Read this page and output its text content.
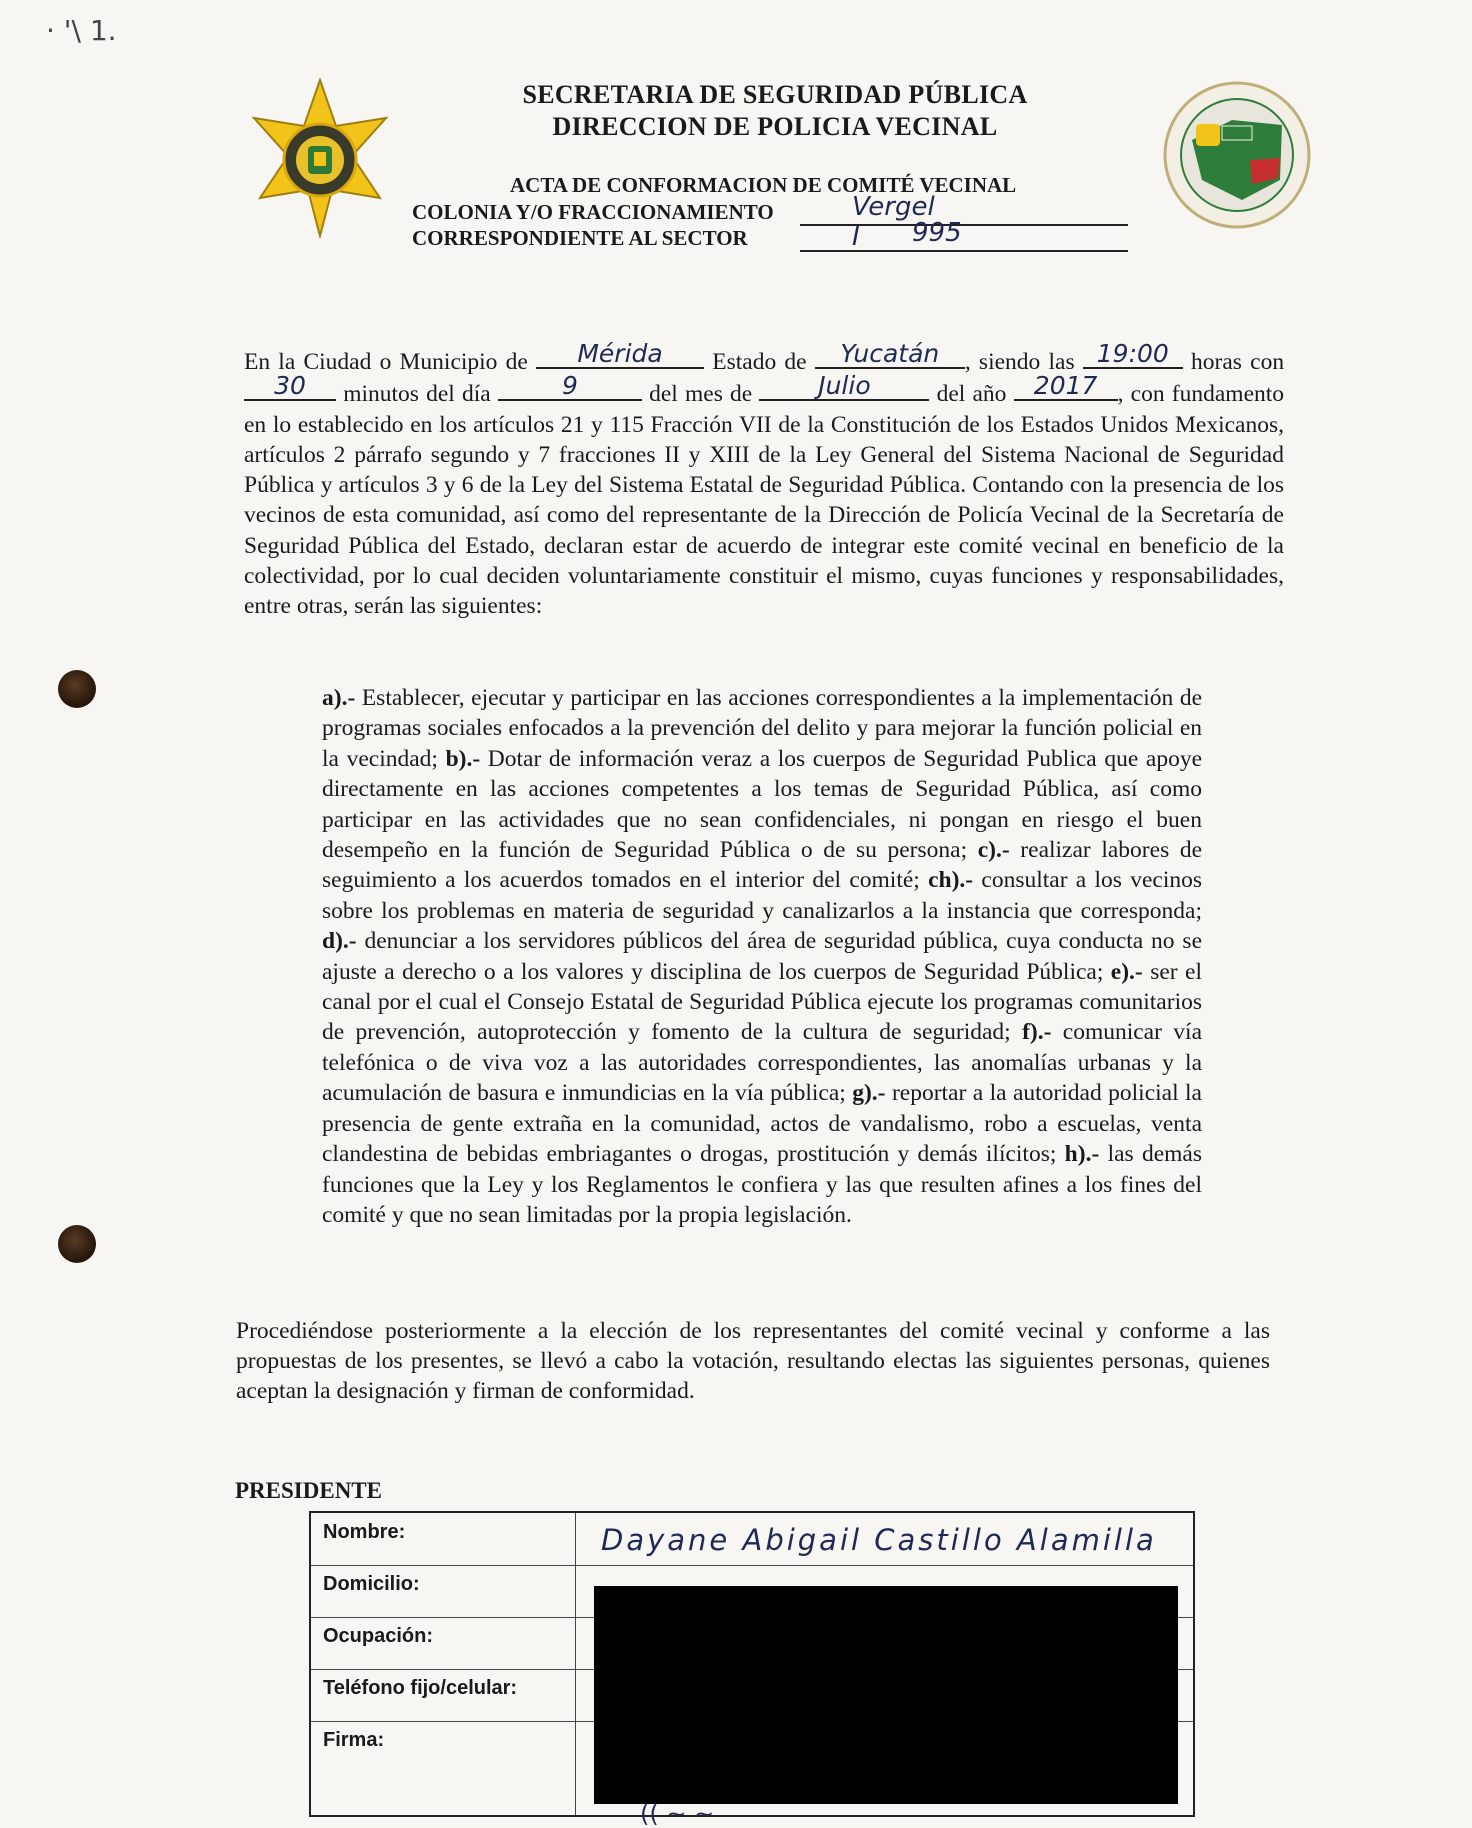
· '\ 1.
SECRETARIA DE SEGURIDAD PÚBLICA
DIRECCION DE POLICIA VECINAL
ACTA DE CONFORMACION DE COMITÉ VECINAL
COLONIA Y/O FRACCIONAMIENTO	Vergel I
CORRESPONDIENTE AL SECTOR	995
En la Ciudad o Municipio de	Mérida	Estado de	Yucatán	, siendo las 19:00 horas con
30	minutos del día	9	del mes de	Julio	del año	2017 , con fundamento en lo establecido en los artículos 21 y 115 Fracción VII de la Constitución de los Estados Unidos Mexicanos, artículos 2 párrafo segundo y 7 fracciones II y XIII de la Ley General del Sistema Nacional de Seguridad Pública y artículos 3 y 6 de la Ley del Sistema Estatal de Seguridad Pública. Contando con la presencia de los vecinos de esta comunidad, así como del representante de la Dirección de Policía Vecinal de la Secretaría de Seguridad Pública del Estado, declaran estar de acuerdo de integrar este comité vecinal en beneficio de la colectividad, por lo cual deciden voluntariamente constituir el mismo, cuyas funciones y responsabilidades, entre otras, serán las siguientes:
a).- Establecer, ejecutar y participar en las acciones correspondientes a la implementación de programas sociales enfocados a la prevención del delito y para mejorar la función policial en la vecindad; b).- Dotar de información veraz a los cuerpos de Seguridad Publica que apoye directamente en las acciones competentes a los temas de Seguridad Pública, así como participar en las actividades que no sean confidenciales, ni pongan en riesgo el buen desempeño en la función de Seguridad Pública o de su persona; c).- realizar labores de seguimiento a los acuerdos tomados en el interior del comité; ch).- consultar a los vecinos sobre los problemas en materia de seguridad y canalizarlos a la instancia que corresponda; d).- denunciar a los servidores públicos del área de seguridad pública, cuya conducta no se ajuste a derecho o a los valores y disciplina de los cuerpos de Seguridad Pública; e).- ser el canal por el cual el Consejo Estatal de Seguridad Pública ejecute los programas comunitarios de prevención, autoprotección y fomento de la cultura de seguridad; f).- comunicar vía telefónica o de viva voz a las autoridades correspondientes, las anomalías urbanas y la acumulación de basura e inmundicias en la vía pública; g).- reportar a la autoridad policial la presencia de gente extraña en la comunidad, actos de vandalismo, robo a escuelas, venta clandestina de bebidas embriagantes o drogas, prostitución y demás ilícitos; h).- las demás funciones que la Ley y los Reglamentos le confiera y las que resulten afines a los fines del comité y que no sean limitadas por la propia legislación.
Procediéndose posteriormente a la elección de los representantes del comité vecinal y conforme a las propuestas de los presentes, se llevó a cabo la votación, resultando electas las siguientes personas, quienes aceptan la designación y firman de conformidad.
PRESIDENTE
Nombre:	Dayane Abigail Castillo Alamilla
Domicilio:
Ocupación:
Teléfono fijo/celular:
Firma:
(( ~ ~
